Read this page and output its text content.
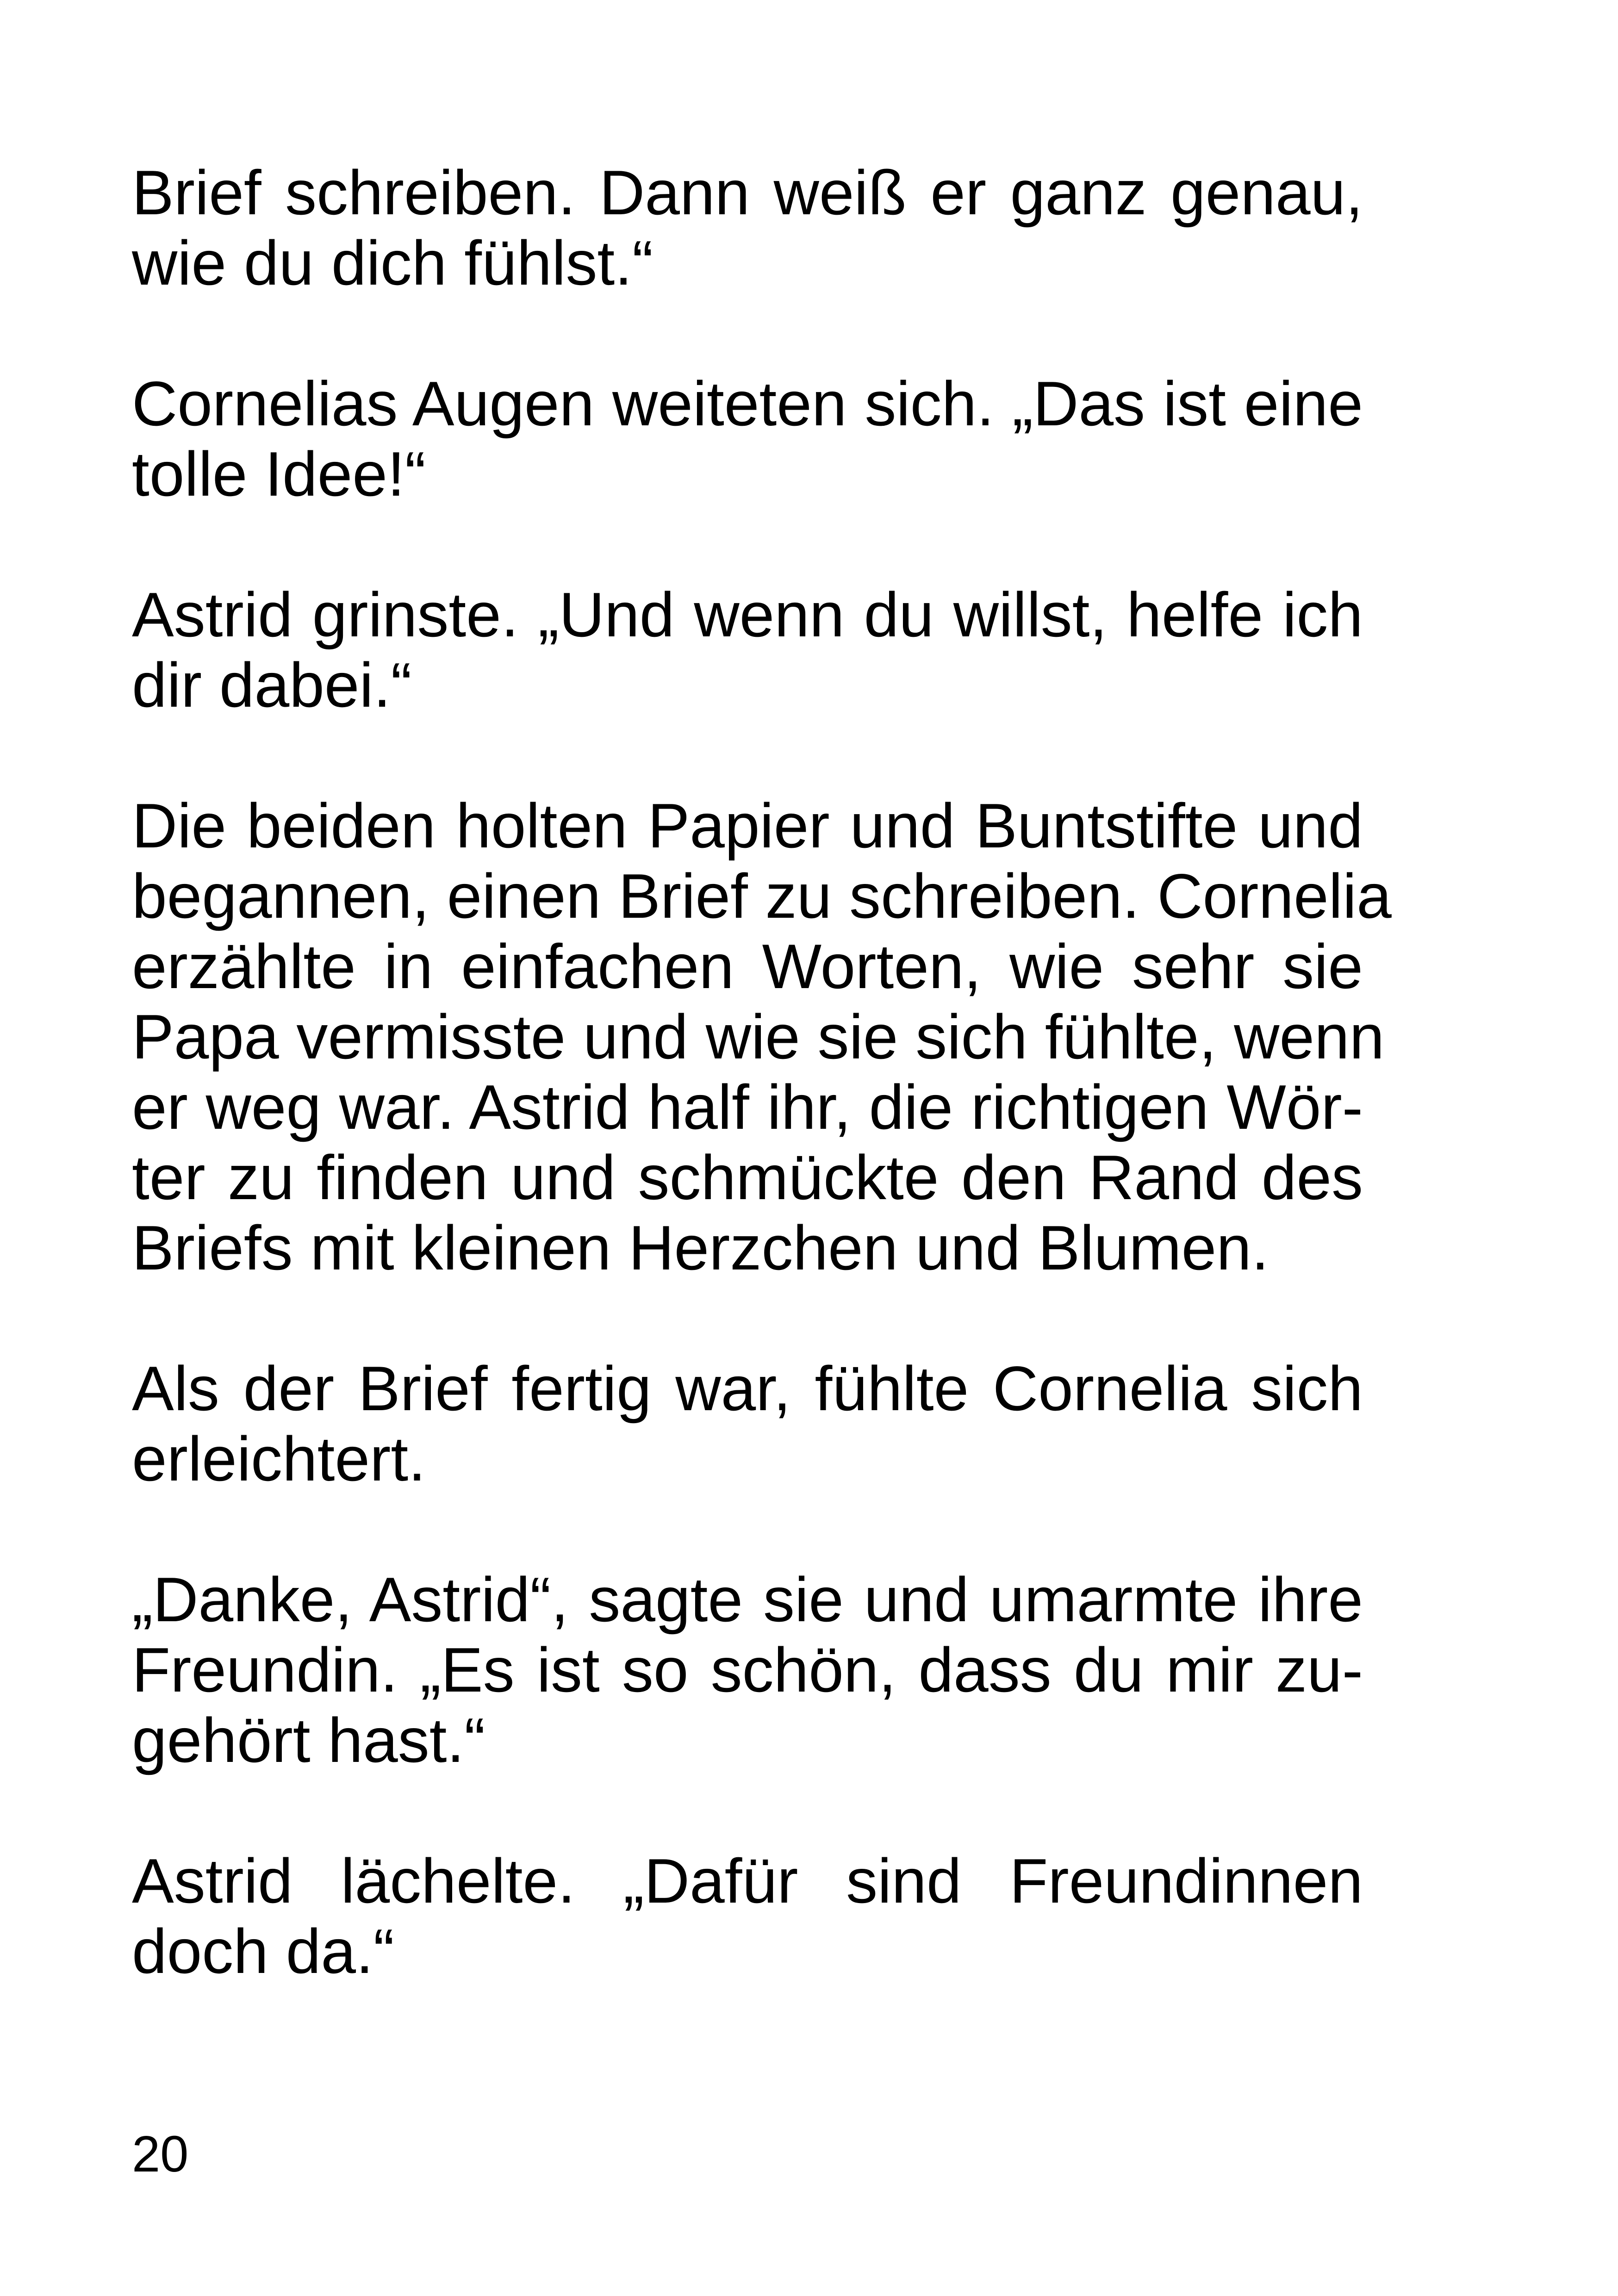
Brief schreiben. Dann weiß er ganz genau,
wie du dich fühlst.“

Cornelias Augen weiteten sich. „Das ist eine
tolle Idee!“

Astrid grinste. „Und wenn du willst, helfe ich
dir dabei.“

Die beiden holten Papier und Buntstifte und
begannen, einen Brief zu schreiben. Cornelia
erzählte in einfachen Worten, wie sehr sie
Papa vermisste und wie sie sich fühlte, wenn
er weg war. Astrid half ihr, die richtigen Wör-
ter zu finden und schmückte den Rand des
Briefs mit kleinen Herzchen und Blumen.

Als der Brief fertig war, fühlte Cornelia sich
erleichtert.

„Danke, Astrid“, sagte sie und umarmte ihre
Freundin. „Es ist so schön, dass du mir zu-
gehört hast.“

Astrid lächelte. „Dafür sind Freundinnen
doch da.“

20
